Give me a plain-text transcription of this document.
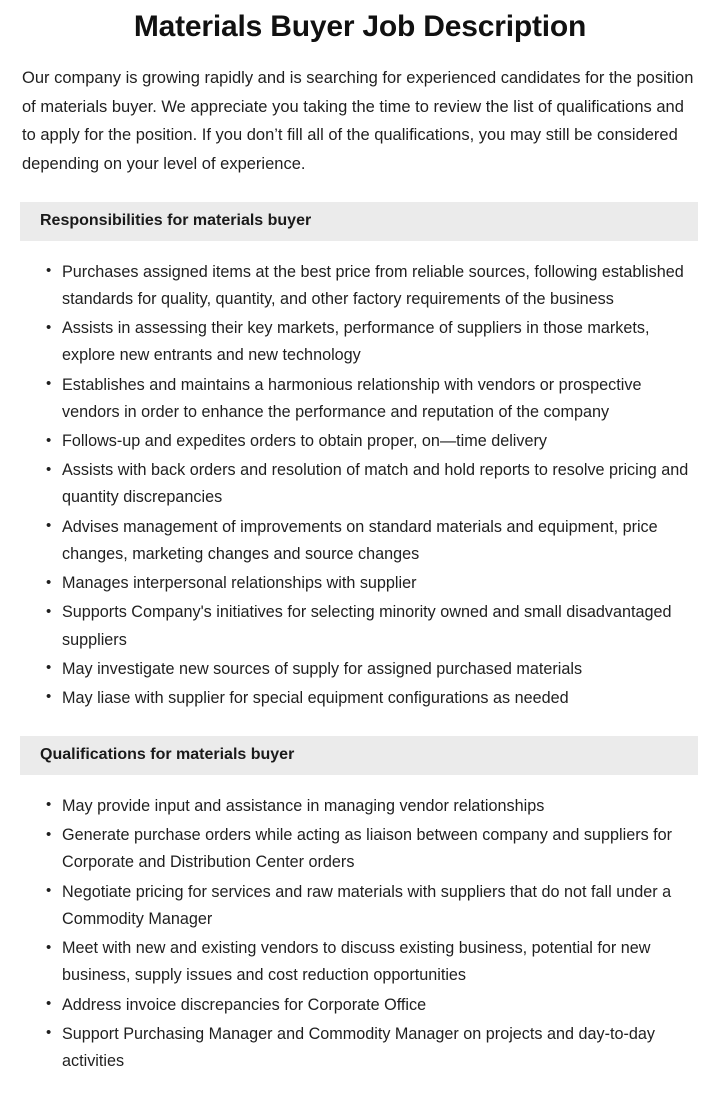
Materials Buyer Job Description

Our company is growing rapidly and is searching for experienced candidates for the position of materials buyer. We appreciate you taking the time to review the list of qualifications and to apply for the position. If you don’t fill all of the qualifications, you may still be considered depending on your level of experience.

Responsibilities for materials buyer
• Purchases assigned items at the best price from reliable sources, following established standards for quality, quantity, and other factory requirements of the business
• Assists in assessing their key markets, performance of suppliers in those markets, explore new entrants and new technology
• Establishes and maintains a harmonious relationship with vendors or prospective vendors in order to enhance the performance and reputation of the company
• Follows-up and expedites orders to obtain proper, on—time delivery
• Assists with back orders and resolution of match and hold reports to resolve pricing and quantity discrepancies
• Advises management of improvements on standard materials and equipment, price changes, marketing changes and source changes
• Manages interpersonal relationships with supplier
• Supports Company's initiatives for selecting minority owned and small disadvantaged suppliers
• May investigate new sources of supply for assigned purchased materials
• May liase with supplier for special equipment configurations as needed
Qualifications for materials buyer
• May provide input and assistance in managing vendor relationships
• Generate purchase orders while acting as liaison between company and suppliers for Corporate and Distribution Center orders
• Negotiate pricing for services and raw materials with suppliers that do not fall under a Commodity Manager
• Meet with new and existing vendors to discuss existing business, potential for new business, supply issues and cost reduction opportunities
• Address invoice discrepancies for Corporate Office
• Support Purchasing Manager and Commodity Manager on projects and day-to-day activities
